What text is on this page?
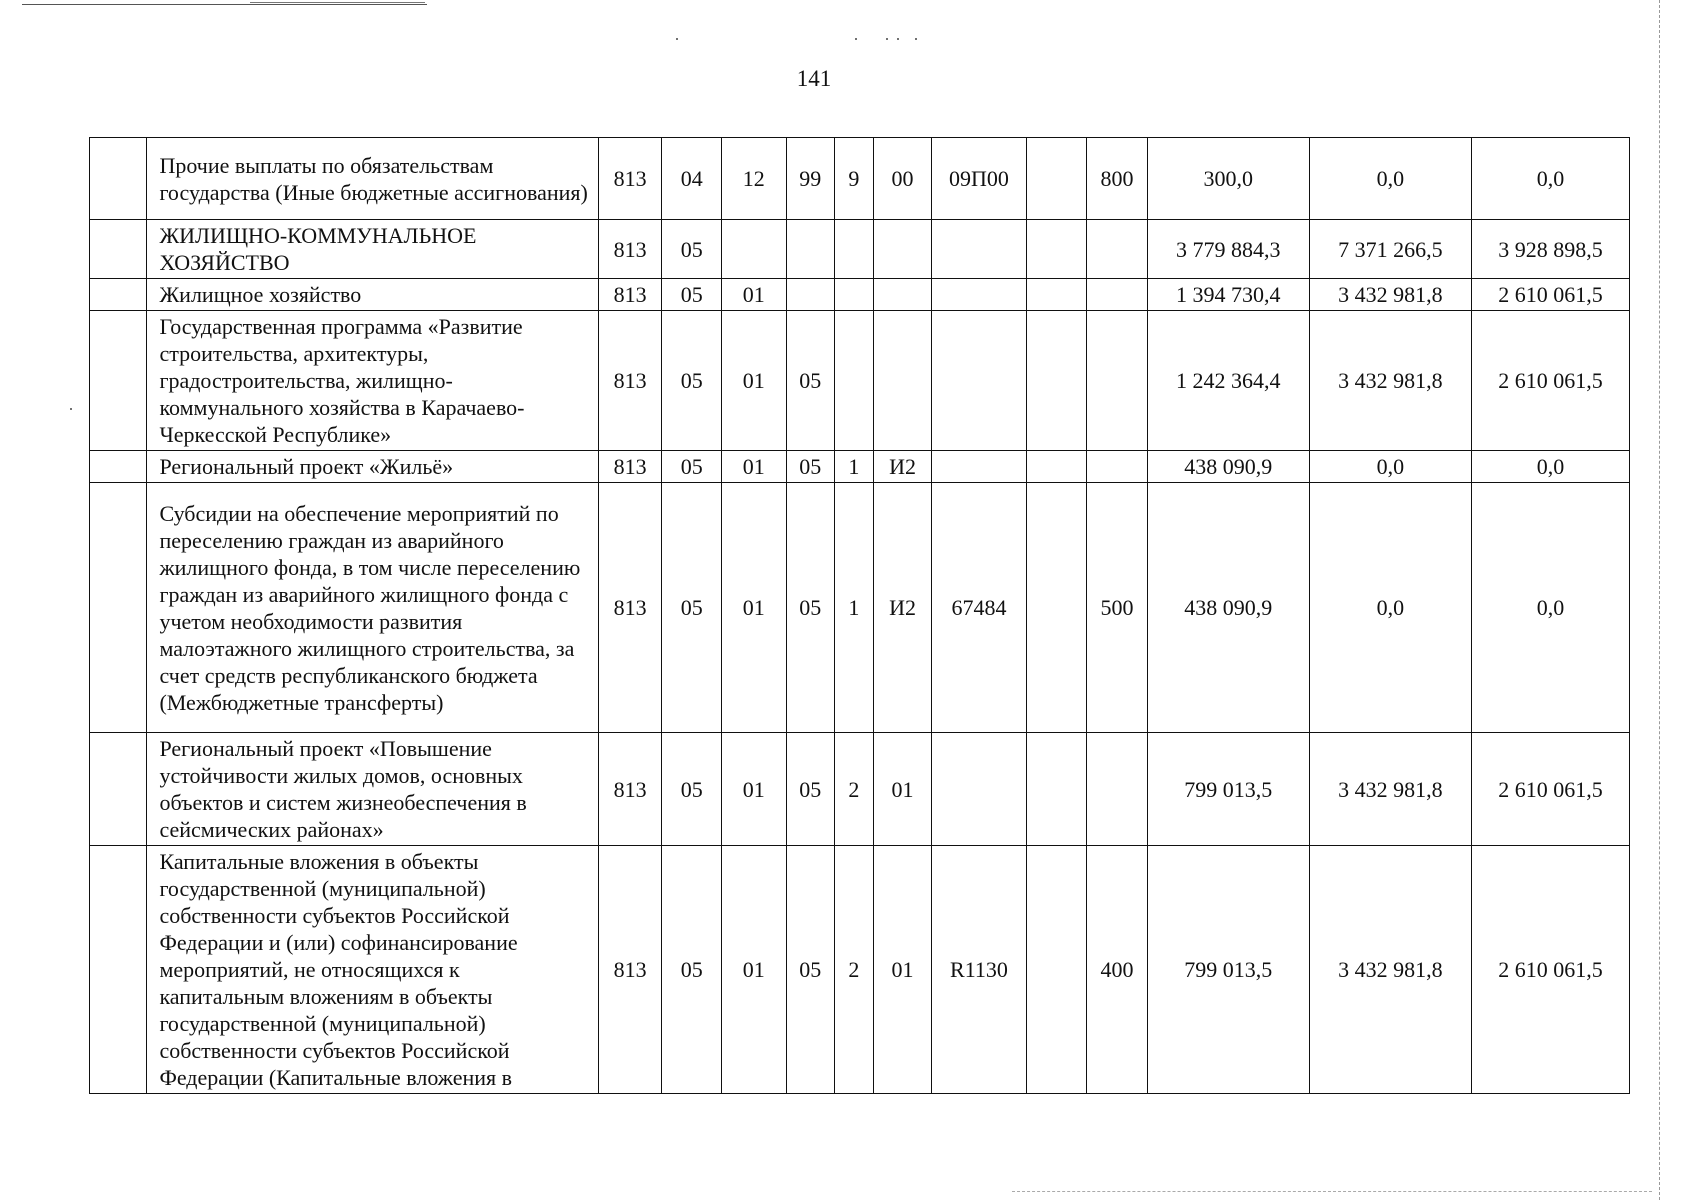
141
	Прочие выплаты по обязательствам государства (Иные бюджетные ассигнования)	813	04	12	99	9	00	09П00		800	300,0	0,0	0,0
	ЖИЛИЩНО-КОММУНАЛЬНОЕ ХОЗЯЙСТВО	813	05								3 779 884,3	7 371 266,5	3 928 898,5
	Жилищное хозяйство	813	05	01							1 394 730,4	3 432 981,8	2 610 061,5
	Государственная программа «Развитие строительства, архитектуры, градостроительства, жилищно-коммунального хозяйства в Карачаево-Черкесской Республике»	813	05	01	05						1 242 364,4	3 432 981,8	2 610 061,5
	Региональный проект «Жильё»	813	05	01	05	1	И2				438 090,9	0,0	0,0
	Субсидии на обеспечение мероприятий по переселению граждан из аварийного жилищного фонда, в том числе переселению граждан из аварийного жилищного фонда с учетом необходимости развития малоэтажного жилищного строительства, за счет средств республиканского бюджета (Межбюджетные трансферты)	813	05	01	05	1	И2	67484		500	438 090,9	0,0	0,0
	Региональный проект «Повышение устойчивости жилых домов, основных объектов и систем жизнеобеспечения в сейсмических районах»	813	05	01	05	2	01				799 013,5	3 432 981,8	2 610 061,5
	Капитальные вложения в объекты государственной (муниципальной) собственности субъектов Российской Федерации и (или) софинансирование мероприятий, не относящихся к капитальным вложениям в объекты государственной (муниципальной) собственности субъектов Российской Федерации (Капитальные вложения в	813	05	01	05	2	01	R1130		400	799 013,5	3 432 981,8	2 610 061,5
